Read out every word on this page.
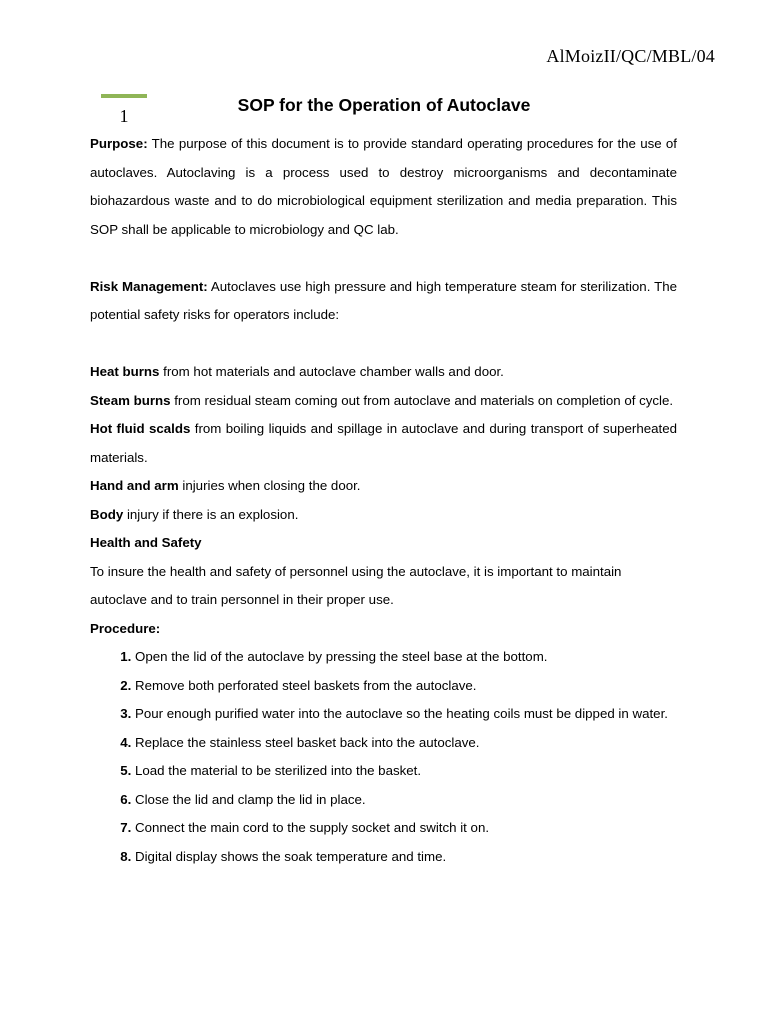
AlMoizII/QC/MBL/04
1
SOP for the Operation of Autoclave

Purpose: The purpose of this document is to provide standard operating procedures for the use of autoclaves. Autoclaving is a process used to destroy microorganisms and decontaminate biohazardous waste and to do microbiological equipment sterilization and media preparation. This SOP shall be applicable to microbiology and QC lab.

Risk Management: Autoclaves use high pressure and high temperature steam for sterilization. The potential safety risks for operators include:

Heat burns from hot materials and autoclave chamber walls and door.

Steam burns from residual steam coming out from autoclave and materials on completion of cycle.

Hot fluid scalds from boiling liquids and spillage in autoclave and during transport of superheated materials.

Hand and arm injuries when closing the door.

Body injury if there is an explosion.

Health and Safety

To insure the health and safety of personnel using the autoclave, it is important to maintain autoclave and to train personnel in their proper use.

Procedure:

1. Open the lid of the autoclave by pressing the steel base at the bottom.
2. Remove both perforated steel baskets from the autoclave.
3. Pour enough purified water into the autoclave so the heating coils must be dipped in water.
4. Replace the stainless steel basket back into the autoclave.
5. Load the material to be sterilized into the basket.
6. Close the lid and clamp the lid in place.
7. Connect the main cord to the supply socket and switch it on.
8. Digital display shows the soak temperature and time.
